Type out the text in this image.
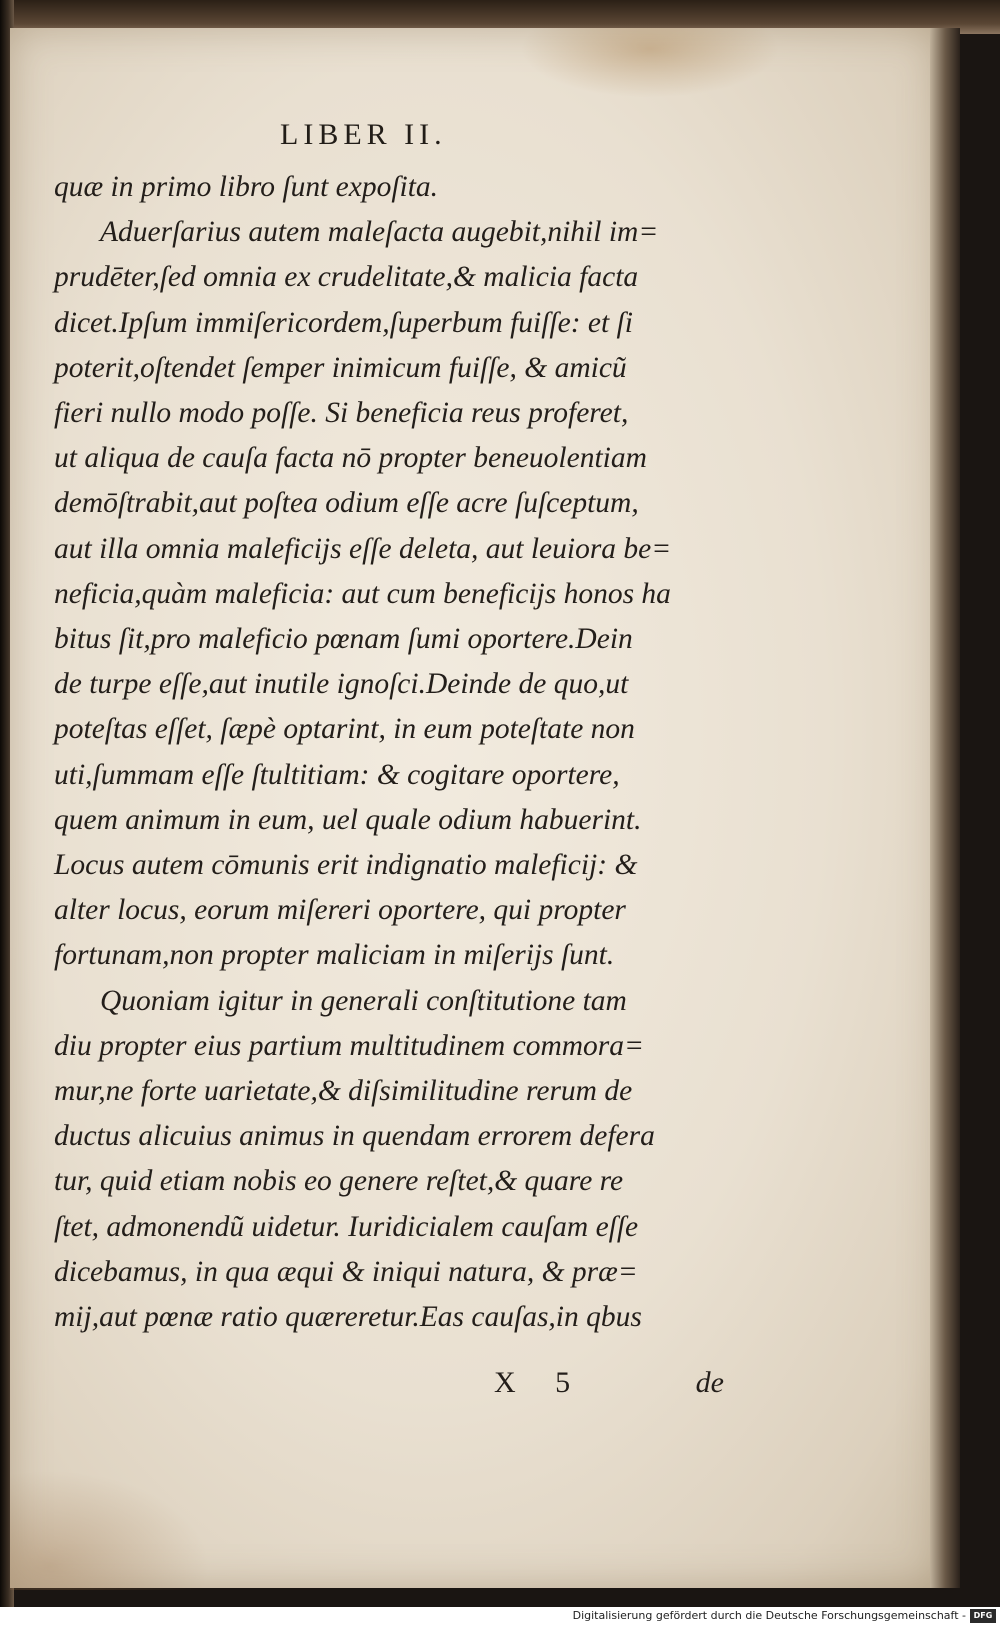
LIBER II.
quæ in primo libro ſunt expoſita.
Aduerſarius autem maleſacta augebit,nihil im=
prudēter,ſed omnia ex crudelitate,& malicia facta
dicet.Ipſum immiſericordem,ſuperbum fuiſſe: et ſi
poterit,oſtendet ſemper inimicum fuiſſe, & amicũ
fieri nullo modo poſſe. Si beneficia reus proferet,
ut aliqua de cauſa facta nō propter beneuolentiam
demōſtrabit,aut poſtea odium eſſe acre ſuſceptum,
aut illa omnia maleficijs eſſe deleta, aut leuiora be=
neficia,quàm maleficia: aut cum beneficijs honos ha
bitus ſit,pro maleficio pœnam ſumi oportere.Dein
de turpe eſſe,aut inutile ignoſci.Deinde de quo,ut
poteſtas eſſet, ſæpè optarint, in eum poteſtate non
uti,ſummam eſſe ſtultitiam: & cogitare oportere,
quem animum in eum, uel quale odium habuerint.
Locus autem cōmunis erit indignatio maleficij: &
alter locus, eorum miſereri oportere, qui propter
fortunam,non propter maliciam in miſerijs ſunt.
Quoniam igitur in generali conſtitutione tam
diu propter eius partium multitudinem commora=
mur,ne forte uarietate,& diſsimilitudine rerum de
ductus alicuius animus in quendam errorem defera
tur, quid etiam nobis eo genere reſtet,& quare re
ſtet, admonendũ uidetur. Iuridicialem cauſam eſſe
dicebamus, in qua æqui & iniqui natura, & præ=
mij,aut pœnæ ratio quæreretur.Eas cauſas,in qbus
X 5	de
Digitalisierung gefördert durch die Deutsche Forschungsgemeinschaft - DFG
